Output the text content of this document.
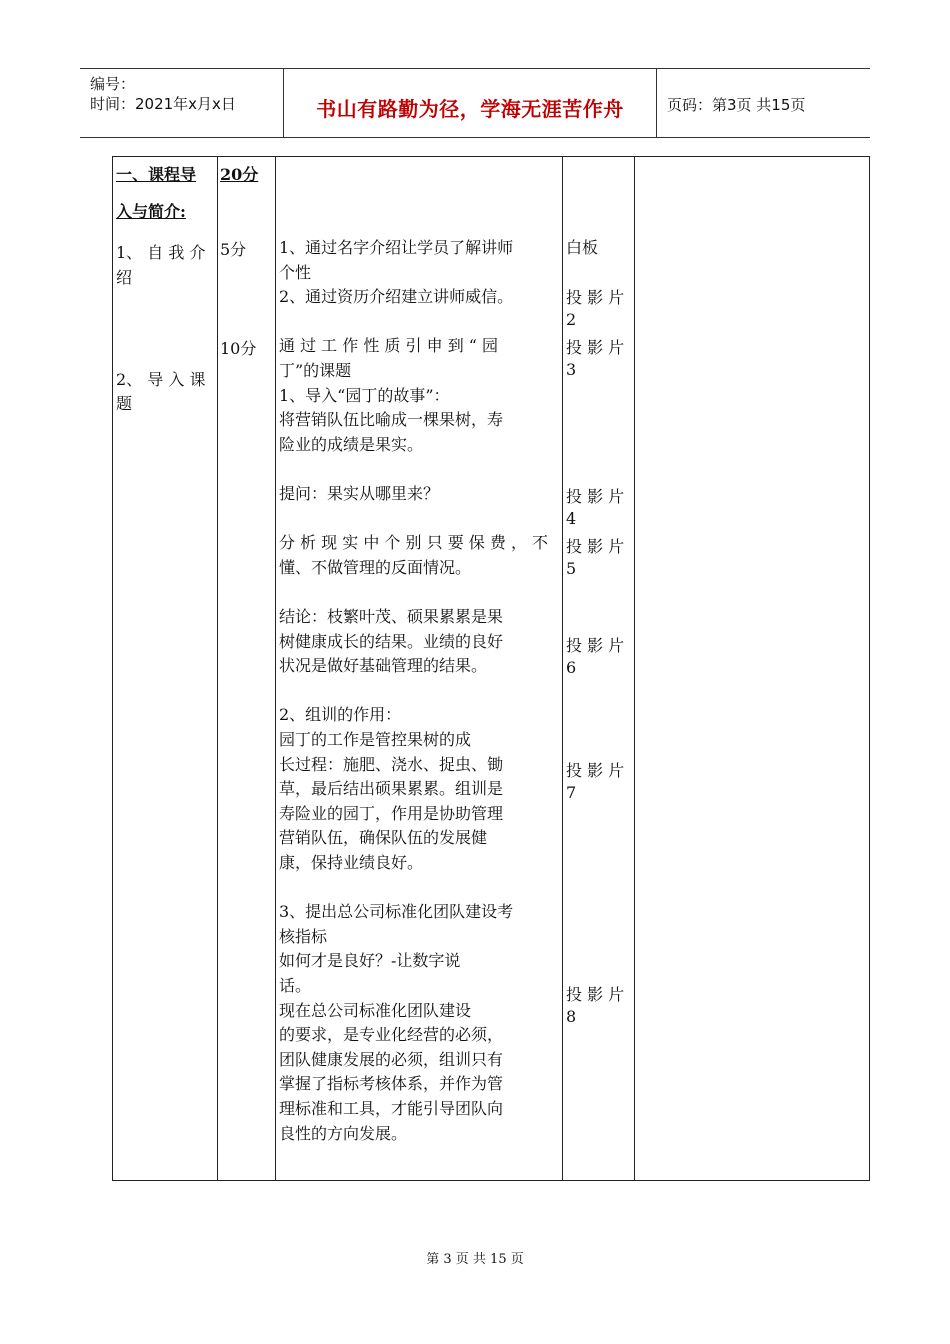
编号：
时间：2021年x月x日	书山有路勤为径，学海无涯苦作舟	页码：第3页 共15页
一、课程导
入与简介:
1、 自 我 介
绍
2、 导 入 课
题
20分
5分
10分
1、通过名字介绍让学员了解讲师
个性
2、通过资历介绍建立讲师威信。
通 过 工 作 性 质 引 申 到 “ 园
丁”的课题
1、导入“园丁的故事”：
将营销队伍比喻成一棵果树，寿
险业的成绩是果实。
提问：果实从哪里来？
分 析 现 实 中 个 别 只 要 保 费 ， 不
懂、不做管理的反面情况。
结论：枝繁叶茂、硕果累累是果
树健康成长的结果。业绩的良好
状况是做好基础管理的结果。
2、组训的作用：
园丁的工作是管控果树的成
长过程：施肥、浇水、捉虫、锄
草，最后结出硕果累累。组训是
寿险业的园丁，作用是协助管理
营销队伍，确保队伍的发展健
康，保持业绩良好。
3、提出总公司标准化团队建设考
核指标
如何才是良好？-让数字说
话。
现在总公司标准化团队建设
的要求，是专业化经营的必须，
团队健康发展的必须，组训只有
掌握了指标考核体系，并作为管
理标准和工具，才能引导团队向
良性的方向发展。
白板
投 影 片
2
投 影 片
3
投 影 片
4
投 影 片
5
投 影 片
6
投 影 片
7
投 影 片
8
第 3 页 共 15 页
